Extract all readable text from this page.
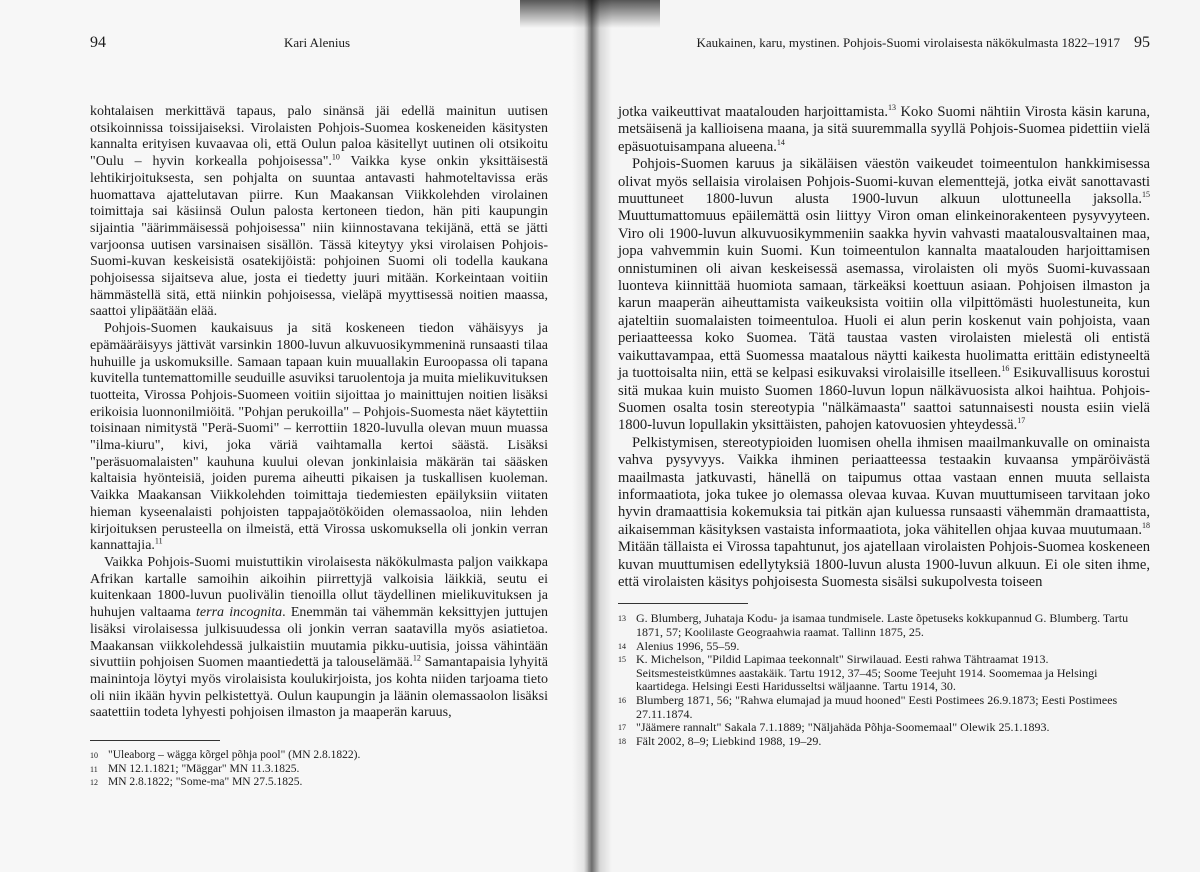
94	Kari Alenius

kohtalaisen merkittävä tapaus, palo sinänsä jäi edellä mainitun uutisen otsikoinnissa toissijaiseksi. Virolaisten Pohjois-Suomea koskeneiden käsitysten kannalta erityisen kuvaavaa oli, että Oulun paloa käsitellyt uutinen oli otsikoitu "Oulu – hyvin korkealla pohjoisessa".$^{10}$ Vaikka kyse onkin yksittäisestä lehtikirjoituksesta, sen pohjalta on suuntaa antavasti hahmoteltavissa eräs huomattava ajattelutavan piirre. Kun Maakansan Viikkolehden virolainen toimittaja sai käsiinsä Oulun palosta kertoneen tiedon, hän piti kaupungin sijaintia "äärimmäisessä pohjoisessa" niin kiinnostavana tekijänä, että se jätti varjoonsa uutisen varsinaisen sisällön. Tässä kiteytyy yksi virolaisen Pohjois-Suomi-kuvan keskeisistä osatekijöistä: pohjoinen Suomi oli todella kaukana pohjoisessa sijaitseva alue, josta ei tiedetty juuri mitään. Korkeintaan voitiin hämmästellä sitä, että niinkin pohjoisessa, vieläpä myyttisessä noitien maassa, saattoi ylipäätään elää.

Pohjois-Suomen kaukaisuus ja sitä koskeneen tiedon vähäisyys ja epämääräisyys jättivät varsinkin 1800-luvun alkuvuosikymmeninä runsaasti tilaa huhuille ja uskomuksille. Samaan tapaan kuin muuallakin Euroopassa oli tapana kuvitella tuntemattomille seuduille asuviksi taruolentoja ja muita mielikuvituksen tuotteita, Virossa Pohjois-Suomeen voitiin sijoittaa jo mainittujen noitien lisäksi erikoisia luonnonilmiöitä. "Pohjan perukoilla" – Pohjois-Suomesta näet käytettiin toisinaan nimitystä "Perä-Suomi" – kerrottiin 1820-luvulla olevan muun muassa "ilma-kiuru", kivi, joka väriä vaihtamalla kertoi säästä. Lisäksi "peräsuomalaisten" kauhuna kuului olevan jonkinlaisia mäkärän tai sääsken kaltaisia hyönteisiä, joiden purema aiheutti pikaisen ja tuskallisen kuoleman. Vaikka Maakansan Viikkolehden toimittaja tiedemiesten epäilyksiin viitaten hieman kyseenalaisti pohjoisten tappajaötököiden olemassaoloa, niin lehden kirjoituksen perusteella on ilmeistä, että Virossa uskomuksella oli jonkin verran kannattajia.$^{11}$

Vaikka Pohjois-Suomi muistuttikin virolaisesta näkökulmasta paljon vaikkapa Afrikan kartalle samoihin aikoihin piirrettyjä valkoisia läikkiä, seutu ei kuitenkaan 1800-luvun puolivälin tienoilla ollut täydellinen mielikuvituksen ja huhujen valtaama terra incognita. Enemmän tai vähemmän keksittyjen juttujen lisäksi virolaisessa julkisuudessa oli jonkin verran saatavilla myös asiatietoa. Maakansan viikkolehdessä julkaistiin muutamia pikku-uutisia, joissa vähintään sivuttiin pohjoisen Suomen maantiedettä ja talouselämää.$^{12}$ Samantapaisia lyhyitä mainintoja löytyi myös virolaisista koulukirjoista, jos kohta niiden tarjoama tieto oli niin ikään hyvin pelkistettyä. Oulun kaupungin ja läänin olemassaolon lisäksi saatettiin todeta lyhyesti pohjoisen ilmaston ja maaperän karuus,

10 "Uleaborg – wägga kõrgel põhja pool" (MN 2.8.1822).
11 MN 12.1.1821; "Mäggar" MN 11.3.1825.
12 MN 2.8.1822; "Some-ma" MN 27.5.1825.
Kaukainen, karu, mystinen. Pohjois-Suomi virolaisesta näkökulmasta 1822–1917 95

jotka vaikeuttivat maatalouden harjoittamista.$^{13}$ Koko Suomi nähtiin Virosta käsin karuna, metsäisenä ja kallioisena maana, ja sitä suuremmalla syyllä Pohjois-Suomea pidettiin vielä epäsuotuisampana alueena.$^{14}$

Pohjois-Suomen karuus ja sikäläisen väestön vaikeudet toimeentulon hankkimisessa olivat myös sellaisia virolaisen Pohjois-Suomi-kuvan elementtejä, jotka eivät sanottavasti muuttuneet 1800-luvun alusta 1900-luvun alkuun ulottuneella jaksolla.$^{15}$ Muuttumattomuus epäilemättä osin liittyy Viron oman elinkeinorakenteen pysyvyyteen. Viro oli 1900-luvun alkuvuosikymmeniin saakka hyvin vahvasti maatalousvaltainen maa, jopa vahvemmin kuin Suomi. Kun toimeentulon kannalta maatalouden harjoittamisen onnistuminen oli aivan keskeisessä asemassa, virolaisten oli myös Suomi-kuvassaan luonteva kiinnittää huomiota samaan, tärkeäksi koettuun asiaan. Pohjoisen ilmaston ja karun maaperän aiheuttamista vaikeuksista voitiin olla vilpittömästi huolestuneita, kun ajateltiin suomalaisten toimeentuloa. Huoli ei alun perin koskenut vain pohjoista, vaan periaatteessa koko Suomea. Tätä taustaa vasten virolaisten mielestä oli entistä vaikuttavampaa, että Suomessa maatalous näytti kaikesta huolimatta erittäin edistyneeltä ja tuottoisalta niin, että se kelpasi esikuvaksi virolaisille itselleen.$^{16}$ Esikuvallisuus korostui sitä mukaa kuin muisto Suomen 1860-luvun lopun nälkävuosista alkoi haihtua. Pohjois-Suomen osalta tosin stereotypia "nälkämaasta" saattoi satunnaisesti nousta esiin vielä 1800-luvun lopullakin yksittäisten, pahojen katovuosien yhteydessä.$^{17}$

Pelkistymisen, stereotypioiden luomisen ohella ihmisen maailmankuvalle on ominaista vahva pysyvyys. Vaikka ihminen periaatteessa testaakin kuvaansa ympäröivästä maailmasta jatkuvasti, hänellä on taipumus ottaa vastaan ennen muuta sellaista informaatiota, joka tukee jo olemassa olevaa kuvaa. Kuvan muuttumiseen tarvitaan joko hyvin dramaattisia kokemuksia tai pitkän ajan kuluessa runsaasti vähemmän dramaattista, aikaisemman käsityksen vastaista informaatiota, joka vähitellen ohjaa kuvaa muutumaan.$^{18}$ Mitään tällaista ei Virossa tapahtunut, jos ajatellaan virolaisten Pohjois-Suomea koskeneen kuvan muuttumisen edellytyksiä 1800-luvun alusta 1900-luvun alkuun. Ei ole siten ihme, että virolaisten käsitys pohjoisesta Suomesta sisälsi sukupolvesta toiseen

13 G. Blumberg, Juhataja Kodu- ja isamaa tundmisele. Laste õpetuseks kokkupannud G. Blumberg. Tartu 1871, 57; Koolilaste Geograahwia raamat. Tallinn 1875, 25.
14 Alenius 1996, 55–59.
15 K. Michelson, "Pildid Lapimaa teekonnalt" Sirwilauad. Eesti rahwa Tähtraamat 1913. Seitsmesteistkümnes aastakäik. Tartu 1912, 37–45; Soome Teejuht 1914. Soomemaa ja Helsingi kaartidega. Helsingi Eesti Haridusseltsi wäljaanne. Tartu 1914, 30.
16 Blumberg 1871, 56; "Rahwa elumajad ja muud hooned" Eesti Postimees 26.9.1873; Eesti Postimees 27.11.1874.
17 "Jäämere rannalt" Sakala 7.1.1889; "Näljahäda Põhja-Soomemaal" Olewik 25.1.1893.
18 Fält 2002, 8–9; Liebkind 1988, 19–29.
